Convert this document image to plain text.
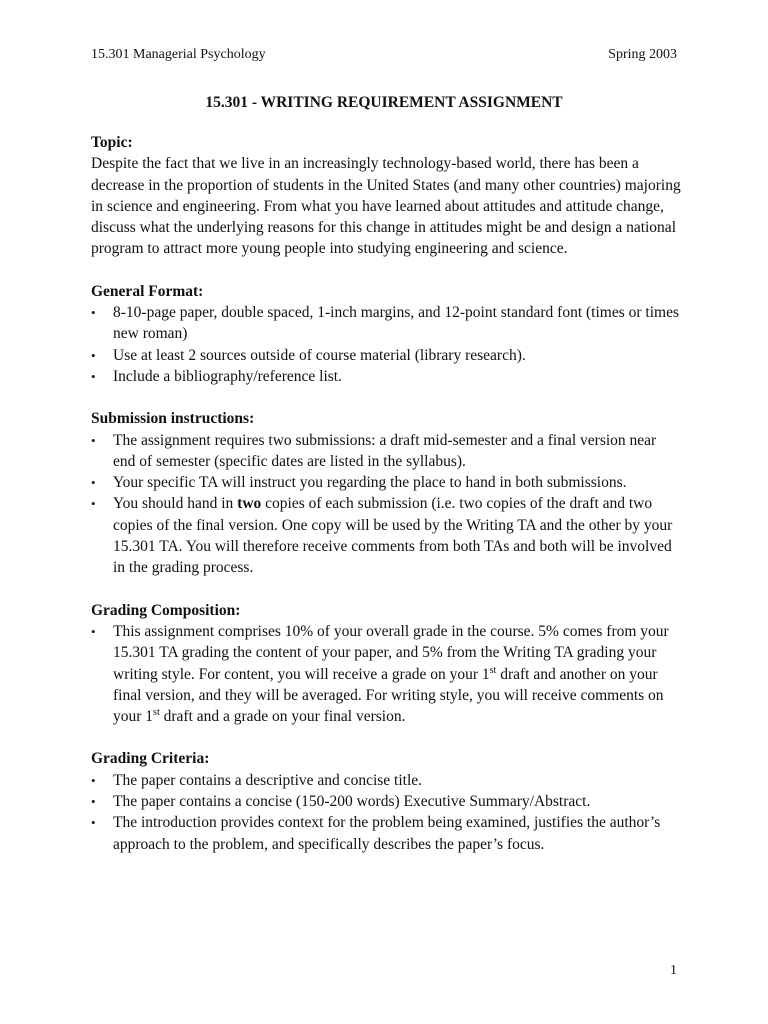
15.301 Managerial Psychology	Spring 2003
15.301 - WRITING REQUIREMENT ASSIGNMENT
Topic:

Despite the fact that we live in an increasingly technology-based world, there has been a decrease in the proportion of students in the United States (and many other countries) majoring in science and engineering. From what you have learned about attitudes and attitude change, discuss what the underlying reasons for this change in attitudes might be and design a national program to attract more young people into studying engineering and science.

General Format:
• 8-10-page paper, double spaced, 1-inch margins, and 12-point standard font (times or times new roman)
• Use at least 2 sources outside of course material (library research).
• Include a bibliography/reference list.
Submission instructions:
• The assignment requires two submissions: a draft mid-semester and a final version near end of semester (specific dates are listed in the syllabus).
• Your specific TA will instruct you regarding the place to hand in both submissions.
• You should hand in two copies of each submission (i.e. two copies of the draft and two copies of the final version. One copy will be used by the Writing TA and the other by your 15.301 TA. You will therefore receive comments from both TAs and both will be involved in the grading process.
Grading Composition:
• This assignment comprises 10% of your overall grade in the course. 5% comes from your 15.301 TA grading the content of your paper, and 5% from the Writing TA grading your writing style. For content, you will receive a grade on your 1st draft and another on your final version, and they will be averaged. For writing style, you will receive comments on your 1st draft and a grade on your final version.
Grading Criteria:
• The paper contains a descriptive and concise title.
• The paper contains a concise (150-200 words) Executive Summary/Abstract.
• The introduction provides context for the problem being examined, justifies the author’s approach to the problem, and specifically describes the paper’s focus.
1
